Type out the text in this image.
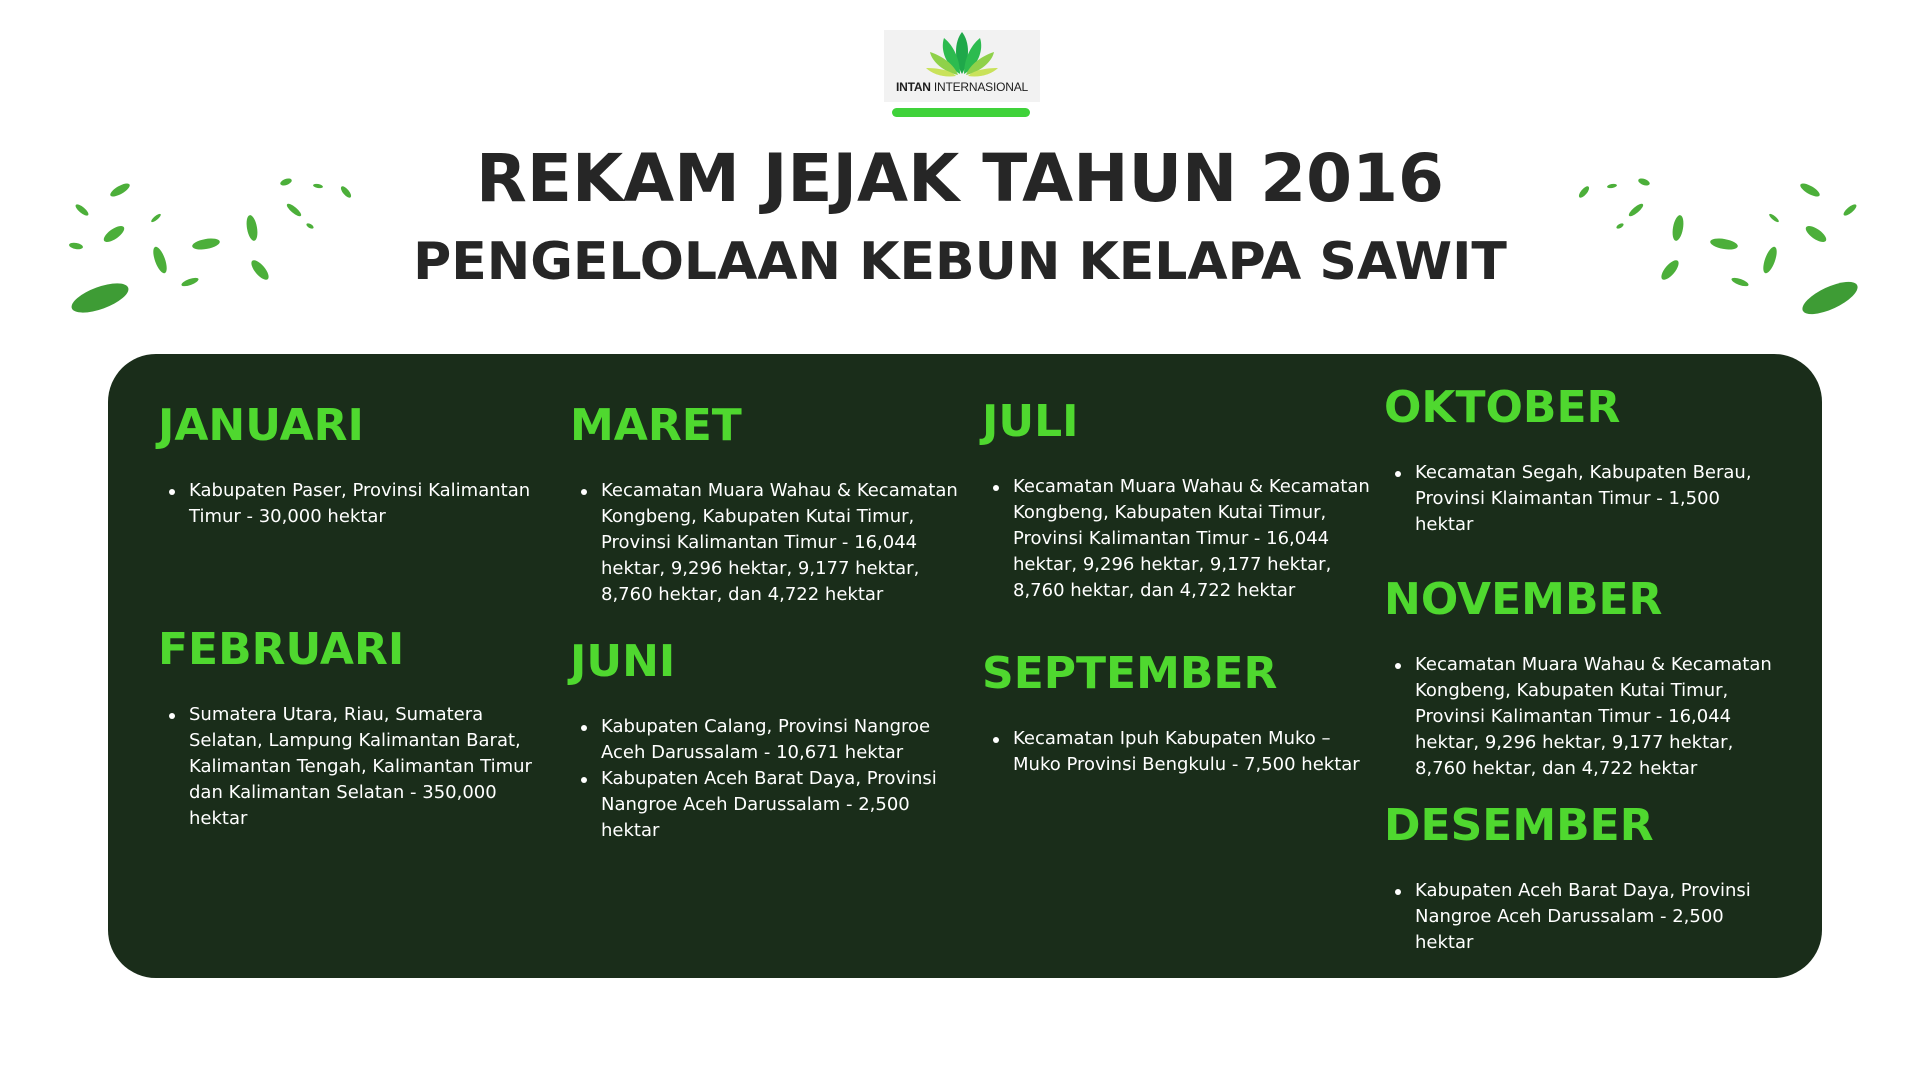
INTAN INTERNASIONAL
REKAM JEJAK TAHUN 2016
PENGELOLAAN KEBUN KELAPA SAWIT
JANUARI
Kabupaten Paser, Provinsi Kalimantan Timur - 30,000 hektar
FEBRUARI
Sumatera Utara, Riau, Sumatera Selatan, Lampung Kalimantan Barat, Kalimantan Tengah, Kalimantan Timur dan Kalimantan Selatan - 350,000 hektar
MARET
Kecamatan Muara Wahau & Kecamatan Kongbeng, Kabupaten Kutai Timur, Provinsi Kalimantan Timur - 16,044 hektar, 9,296 hektar, 9,177 hektar, 8,760 hektar, dan 4,722 hektar
JUNI
Kabupaten Calang, Provinsi Nangroe Aceh Darussalam - 10,671 hektar
Kabupaten Aceh Barat Daya, Provinsi Nangroe Aceh Darussalam - 2,500 hektar
JULI
Kecamatan Muara Wahau & Kecamatan Kongbeng, Kabupaten Kutai Timur, Provinsi Kalimantan Timur - 16,044 hektar, 9,296 hektar, 9,177 hektar, 8,760 hektar, dan 4,722 hektar
SEPTEMBER
Kecamatan Ipuh Kabupaten Muko – Muko Provinsi Bengkulu - 7,500 hektar
OKTOBER
Kecamatan Segah, Kabupaten Berau, Provinsi Klaimantan Timur - 1,500 hektar
NOVEMBER
Kecamatan Muara Wahau & Kecamatan Kongbeng, Kabupaten Kutai Timur, Provinsi Kalimantan Timur - 16,044 hektar, 9,296 hektar, 9,177 hektar, 8,760 hektar, dan 4,722 hektar
DESEMBER
Kabupaten Aceh Barat Daya, Provinsi Nangroe Aceh Darussalam - 2,500 hektar
